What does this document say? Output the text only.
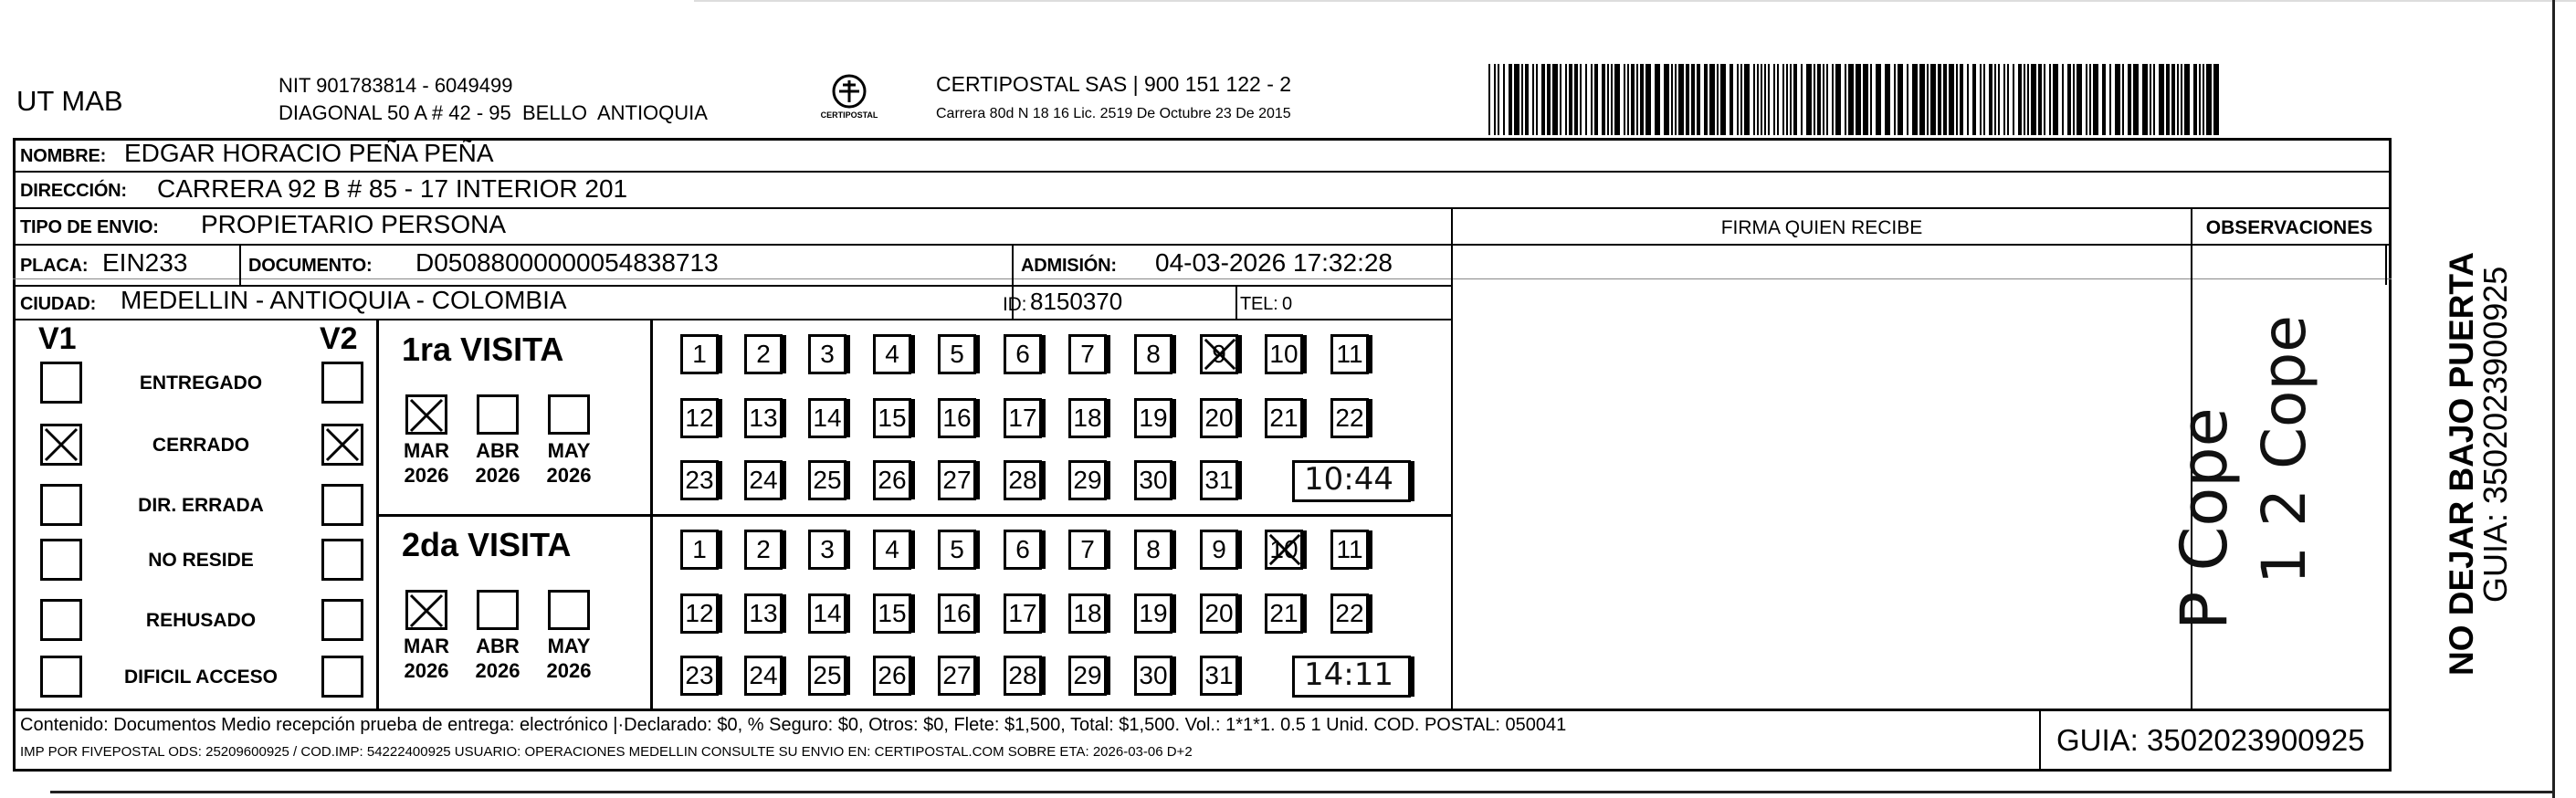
UT MAB	NIT 901783814 - 6049499
DIAGONAL 50 A # 42 - 95  BELLO  ANTIOQUIA	CERTIPOSTAL
CERTIPOSTAL SAS | 900 151 122 - 2
Carrera 80d N 18 16 Lic. 2519 De Octubre 23 De 2015
NOMBRE: EDGAR HORACIO PEÑA PEÑA
DIRECCIÓN: CARRERA 92 B # 85 - 17 INTERIOR 201
TIPO DE ENVIO: PROPIETARIO PERSONA
PLACA: EIN233	DOCUMENTO: D05088000000054838713	ADMISIÓN: 04-03-2026 17:32:28
CIUDAD: MEDELLIN - ANTIOQUIA - COLOMBIA	ID: 8150370	TEL: 0
FIRMA QUIEN RECIBE	OBSERVACIONES
P Cope 1 2 Cope
V1	V2
ENTREGADO
CERRADO
DIR. ERRADA
NO RESIDE
REHUSADO
DIFICIL ACCESO
1ra VISITA
MAR
2026
ABR
2026
MAY
2026
1	2	3	4	5	6	7	8	9	10 11
12 13 14 15 16 17 18 19 20 21 22
23 24 25 26 27 28 29 30 31 10:44
2da VISITA
MAR
2026
ABR
2026
MAY
2026
1	2	3	4	5	6	7	8	9	10 11
12 13 14 15 16 17 18 19 20 21 22
23 24 25 26 27 28 29 30 31 14:11	NO DEJAR BAJO PUERTA
GUIA: 3502023900925
Contenido: Documentos Medio recepción prueba de entrega: electrónico |·Declarado: $0, % Seguro: $0, Otros: $0, Flete: $1,500, Total: $1,500. Vol.: 1*1*1. 0.5 1 Unid. COD. POSTAL: 050041
IMP POR FIVEPOSTAL ODS: 25209600925 / COD.IMP: 54222400925 USUARIO: OPERACIONES MEDELLIN CONSULTE SU ENVIO EN: CERTIPOSTAL.COM SOBRE ETA: 2026-03-06 D+2	GUIA: 3502023900925
